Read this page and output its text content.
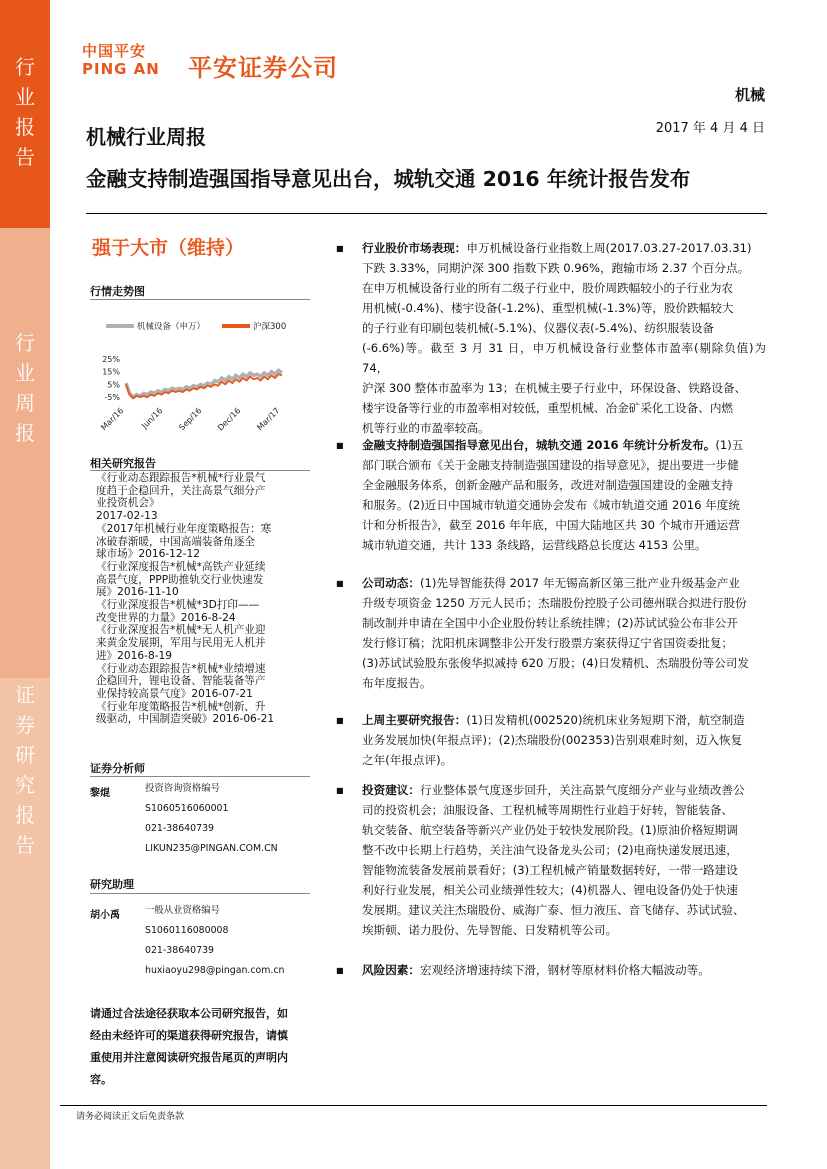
行
业
报
告
行
业
周
报
证
券
研
究
报
告
中国平安
PING AN 平安证券公司
机械
2017 年 4 月 4 日
机械行业周报
金融支持制造强国指导意见出台，城轨交通 2016 年统计报告发布
强于大市（维持）
行情走势图
机械设备（申万）	沪深300
25%
15%
5%
-5%
Mar/16 Jun/16 Sep/16 Dec/16 Mar/17
相关研究报告
《行业动态跟踪报告*机械*行业景气
度趋于企稳回升，关注高景气细分产
业投资机会》
2017-02-13
《2017年机械行业年度策略报告：寒
冰破春渐暖，中国高端装备角逐全
球市场》2016-12-12
《行业深度报告*机械*高铁产业延续
高景气度，PPP助推轨交行业快速发
展》2016-11-10
《行业深度报告*机械*3D打印——
改变世界的力量》2016-8-24
《行业深度报告*机械*无人机产业迎
来黄金发展期，军用与民用无人机并
进》2016-8-19
《行业动态跟踪报告*机械*业绩增速
企稳回升，锂电设备、智能装备等产
业保持较高景气度》2016-07-21
《行业年度策略报告*机械*创新、升
级驱动，中国制造突破》2016-06-21
证券分析师
黎焜	投资咨询资格编号
S1060516060001
021-38640739
LIKUN235@PINGAN.COM.CN
研究助理
胡小禹	一般从业资格编号
S1060116080008
021-38640739
huxiaoyu298@pingan.com.cn
请通过合法途径获取本公司研究报告，如经由未经许可的渠道获得研究报告，请慎重使用并注意阅读研究报告尾页的声明内容。
■ 行业股价市场表现：申万机械设备行业指数上周(2017.03.27-2017.03.31)
下跌 3.33%，同期沪深 300 指数下跌 0.96%，跑输市场 2.37 个百分点。
在申万机械设备行业的所有二级子行业中，股价周跌幅较小的子行业为农
用机械(-0.4%)、楼宇设备(-1.2%)、重型机械(-1.3%)等，股价跌幅较大
的子行业有印刷包装机械(-5.1%)、仪器仪表(-5.4%)、纺织服装设备
(-6.6%)等。截至 3 月 31 日，申万机械设备行业整体市盈率(剔除负值)为 74，
沪深 300 整体市盈率为 13；在机械主要子行业中，环保设备、铁路设备、
楼宇设备等行业的市盈率相对较低，重型机械、冶金矿采化工设备、内燃
机等行业的市盈率较高。
■ 金融支持制造强国指导意见出台，城轨交通 2016 年统计分析发布。(1)五
部门联合颁布《关于金融支持制造强国建设的指导意见》，提出要进一步健
全金融服务体系，创新金融产品和服务，改进对制造强国建设的金融支持
和服务。(2)近日中国城市轨道交通协会发布《城市轨道交通 2016 年度统
计和分析报告》，截至 2016 年年底，中国大陆地区共 30 个城市开通运营
城市轨道交通，共计 133 条线路，运营线路总长度达 4153 公里。
■ 公司动态：(1)先导智能获得 2017 年无锡高新区第三批产业升级基金产业
升级专项资金 1250 万元人民币；杰瑞股份控股子公司德州联合拟进行股份
制改制并申请在全国中小企业股份转让系统挂牌；(2)苏试试验公布非公开
发行修订稿；沈阳机床调整非公开发行股票方案获得辽宁省国资委批复；
(3)苏试试验股东张俊华拟减持 620 万股；(4)日发精机、杰瑞股份等公司发
布年度报告。
■ 上周主要研究报告：(1)日发精机(002520)统机床业务短期下滑，航空制造
业务发展加快(年报点评)；(2)杰瑞股份(002353)告别艰难时刻，迈入恢复
之年(年报点评)。
■ 投资建议：行业整体景气度逐步回升，关注高景气度细分产业与业绩改善公
司的投资机会；油服设备、工程机械等周期性行业趋于好转，智能装备、
轨交装备、航空装备等新兴产业仍处于较快发展阶段。(1)原油价格短期调
整不改中长期上行趋势，关注油气设备龙头公司；(2)电商快递发展迅速，
智能物流装备发展前景看好；(3)工程机械产销量数据转好，一带一路建设
利好行业发展，相关公司业绩弹性较大；(4)机器人、锂电设备仍处于快速
发展期。建议关注杰瑞股份、威海广泰、恒力液压、音飞储存、苏试试验、
埃斯顿、诺力股份、先导智能、日发精机等公司。
■ 风险因素：宏观经济增速持续下滑，钢材等原材料价格大幅波动等。
请务必阅读正文后免责条款
